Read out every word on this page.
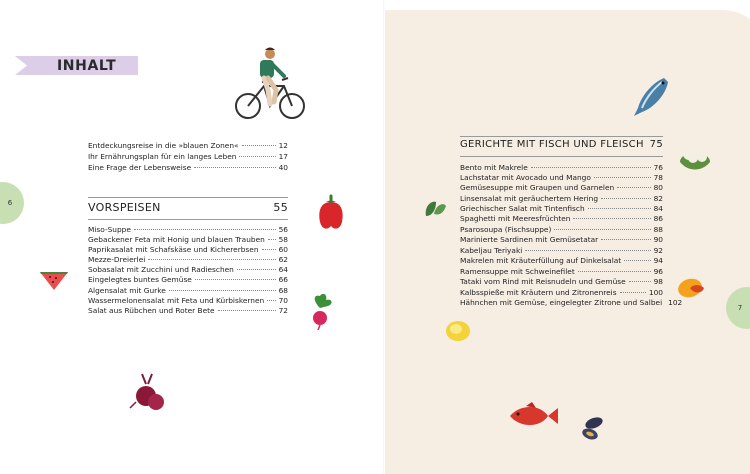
INHALT
6
7
Entdeckungsreise in die »blauen Zonen«	12
Ihr Ernährungsplan für ein langes Leben	17
Eine Frage der Lebensweise	40
VORSPEISEN	55
Miso-Suppe	56
Gebackener Feta mit Honig und blauen Trauben 58
Paprikasalat mit Schafskäse und Kichererbsen	60
Mezze-Dreierlei	62
Sobasalat mit Zucchini und Radieschen	64
Eingelegtes buntes Gemüse	66
Algensalat mit Gurke	68
Wassermelonensalat mit Feta und Kürbiskernen 70
Salat aus Rübchen und Roter Bete	72
GERICHTE MIT FISCH UND FLEISCH 75
Bento mit Makrele	76
Lachstatar mit Avocado und Mango	78
Gemüsesuppe mit Graupen und Garnelen	80
Linsensalat mit geräuchertem Hering	82
Griechischer Salat mit Tintenfisch	84
Spaghetti mit Meeresfrüchten	86
Psarosoupa (Fischsuppe)	88
Marinierte Sardinen mit Gemüsetatar	90
Kabeljau Teriyaki	92
Makrelen mit Kräuterfüllung auf Dinkelsalat	94
Ramensuppe mit Schweinefilet	96
Tataki vom Rind mit Reisnudeln und Gemüse	98
Kalbsspieße mit Kräutern und Zitronenreis	100
Hähnchen mit Gemüse, eingelegter Zitrone und Salbei 102
